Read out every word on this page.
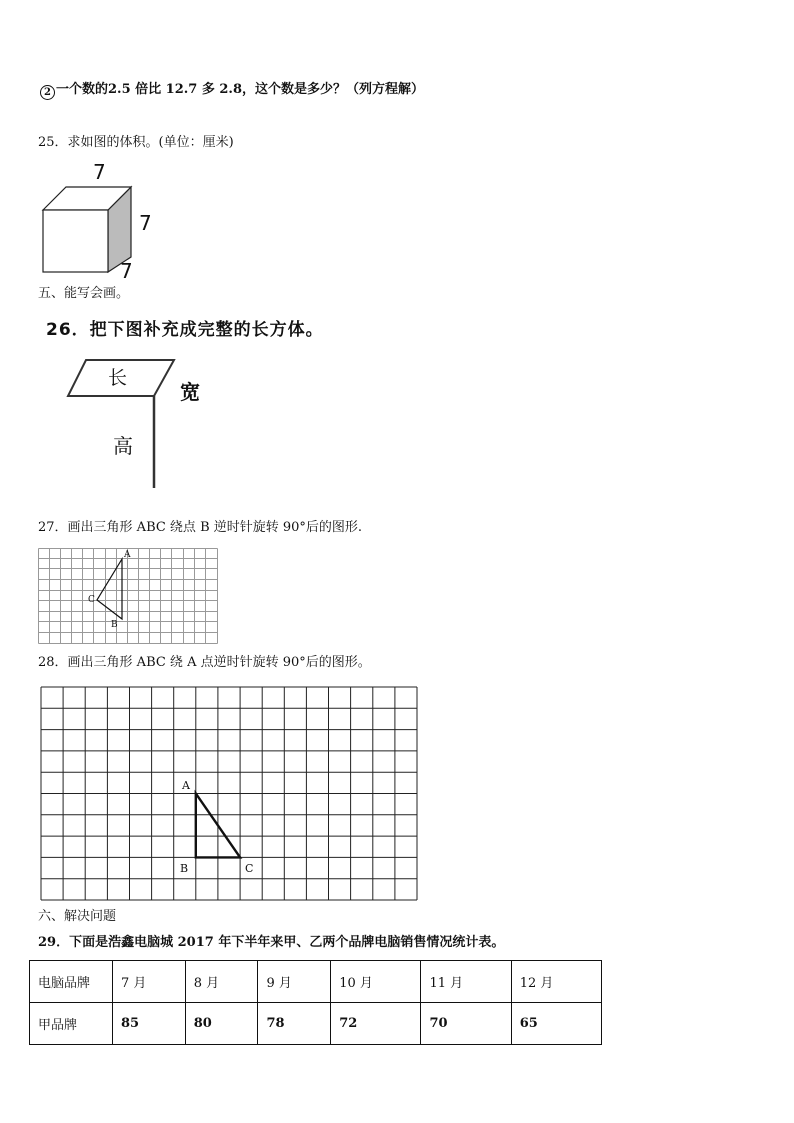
2 一个数的2.5 倍比 12.7 多 2.8，这个数是多少？（列方程解）
25．求如图的体积。(单位：厘米)
7
7
7
五、能写会画。
26．把下图补充成完整的长方体。
长
宽
高
27．画出三角形 ABC 绕点 B 逆时针旋转 90°后的图形.
A
B
C
28．画出三角形 ABC 绕 A 点逆时针旋转 90°后的图形。
A
B	C
六、解决问题
29．下面是浩鑫电脑城 2017 年下半年来甲、乙两个品牌电脑销售情况统计表。
电脑品牌	7 月	8 月	9 月	10 月	11 月	12 月
甲品牌	85	80	78	72	70	65
